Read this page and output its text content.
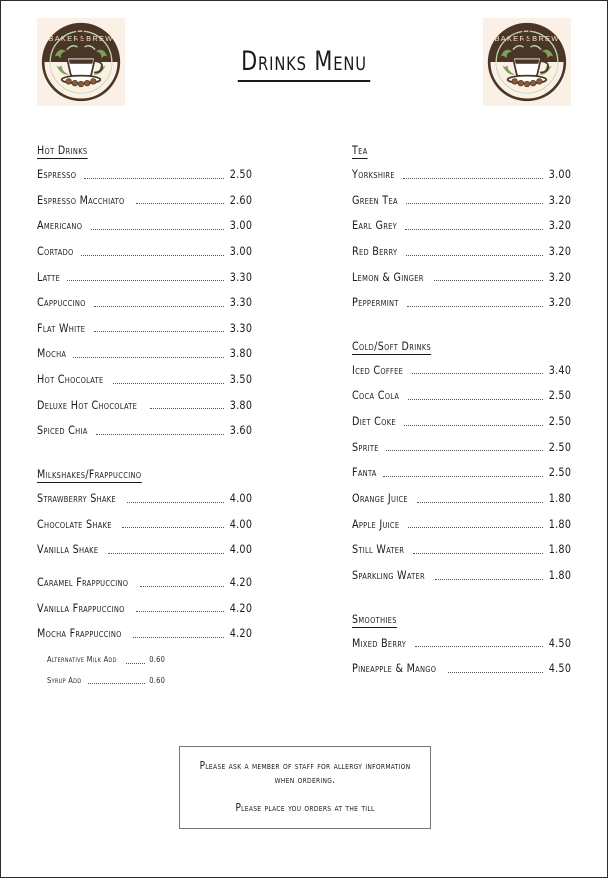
BAKERSBREW
Drinks Menu
BAKERSBREW
Hot Drinks
Espresso	2.50
Espresso Macchiato	2.60
Americano	3.00
Cortado	3.00
Latte	3.30
Cappuccino	3.30
Flat White	3.30
Mocha	3.80
Hot Chocolate	3.50
Deluxe Hot Chocolate	3.80
Spiced Chia	3.60
Milkshakes/Frappuccino
Strawberry Shake	4.00
Chocolate Shake	4.00
Vanilla Shake	4.00
Caramel Frappuccino	4.20
Vanilla Frappuccino	4.20
Mocha Frappuccino	4.20
Alternative Milk Add	0.60
Syrup Add	0.60
Tea
Yorkshire	3.00
Green Tea	3.20
Earl Grey	3.20
Red Berry	3.20
Lemon & Ginger	3.20
Peppermint	3.20
Cold/Soft Drinks
Iced Coffee	3.40
Coca Cola	2.50
Diet Coke	2.50
Sprite	2.50
Fanta	2.50
Orange Juice	1.80
Apple Juice	1.80
Still Water	1.80
Sparkling Water	1.80
Smoothies
Mixed Berry	4.50
Pineapple & Mango	4.50

Please ask a member of staff for allergy information when ordering.

Please place you orders at the till
